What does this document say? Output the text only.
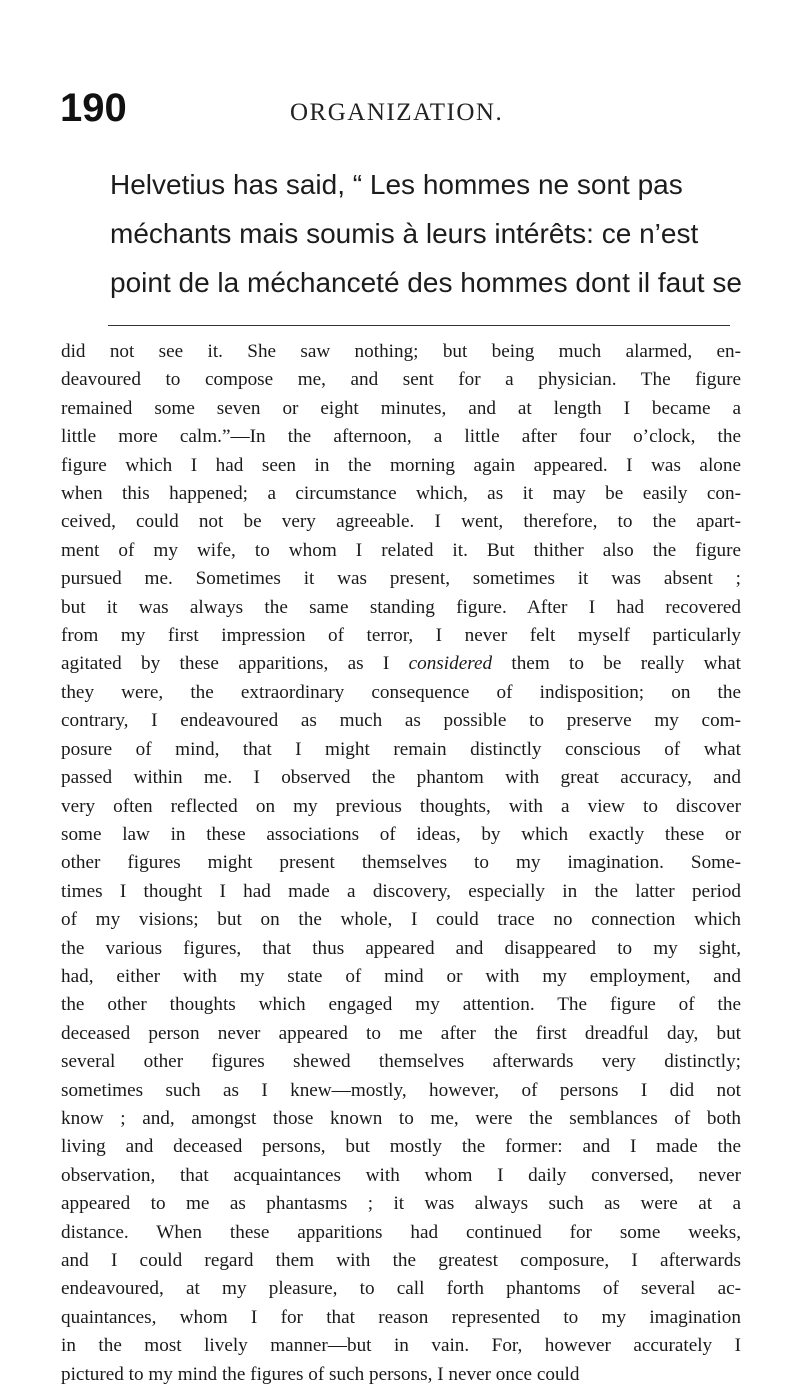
190	ORGANIZATION.
Helvetius has said, “ Les hommes ne sont pas
méchants mais soumis à leurs intérêts: ce n’est
point de la méchanceté des hommes dont il faut se
did not see it. She saw nothing; but being much alarmed, en-
deavoured to compose me, and sent for a physician. The figure
remained some seven or eight minutes, and at length I became a
little more calm.”—In the afternoon, a little after four o’clock, the
figure which I had seen in the morning again appeared. I was alone
when this happened; a circumstance which, as it may be easily con-
ceived, could not be very agreeable. I went, therefore, to the apart-
ment of my wife, to whom I related it. But thither also the figure
pursued me. Sometimes it was present, sometimes it was absent ;
but it was always the same standing figure. After I had recovered
from my first impression of terror, I never felt myself particularly
agitated by these apparitions, as I considered them to be really what
they were, the extraordinary consequence of indisposition; on the
contrary, I endeavoured as much as possible to preserve my com-
posure of mind, that I might remain distinctly conscious of what
passed within me. I observed the phantom with great accuracy, and
very often reflected on my previous thoughts, with a view to discover
some law in these associations of ideas, by which exactly these or
other figures might present themselves to my imagination. Some-
times I thought I had made a discovery, especially in the latter period
of my visions; but on the whole, I could trace no connection which
the various figures, that thus appeared and disappeared to my sight,
had, either with my state of mind or with my employment, and
the other thoughts which engaged my attention. The figure of the
deceased person never appeared to me after the first dreadful day, but
several other figures shewed themselves afterwards very distinctly;
sometimes such as I knew—mostly, however, of persons I did not
know ; and, amongst those known to me, were the semblances of both
living and deceased persons, but mostly the former: and I made the
observation, that acquaintances with whom I daily conversed, never
appeared to me as phantasms ; it was always such as were at a
distance. When these apparitions had continued for some weeks,
and I could regard them with the greatest composure, I afterwards
endeavoured, at my pleasure, to call forth phantoms of several ac-
quaintances, whom I for that reason represented to my imagination
in the most lively manner—but in vain. For, however accurately I
pictured to my mind the figures of such persons, I never once could
